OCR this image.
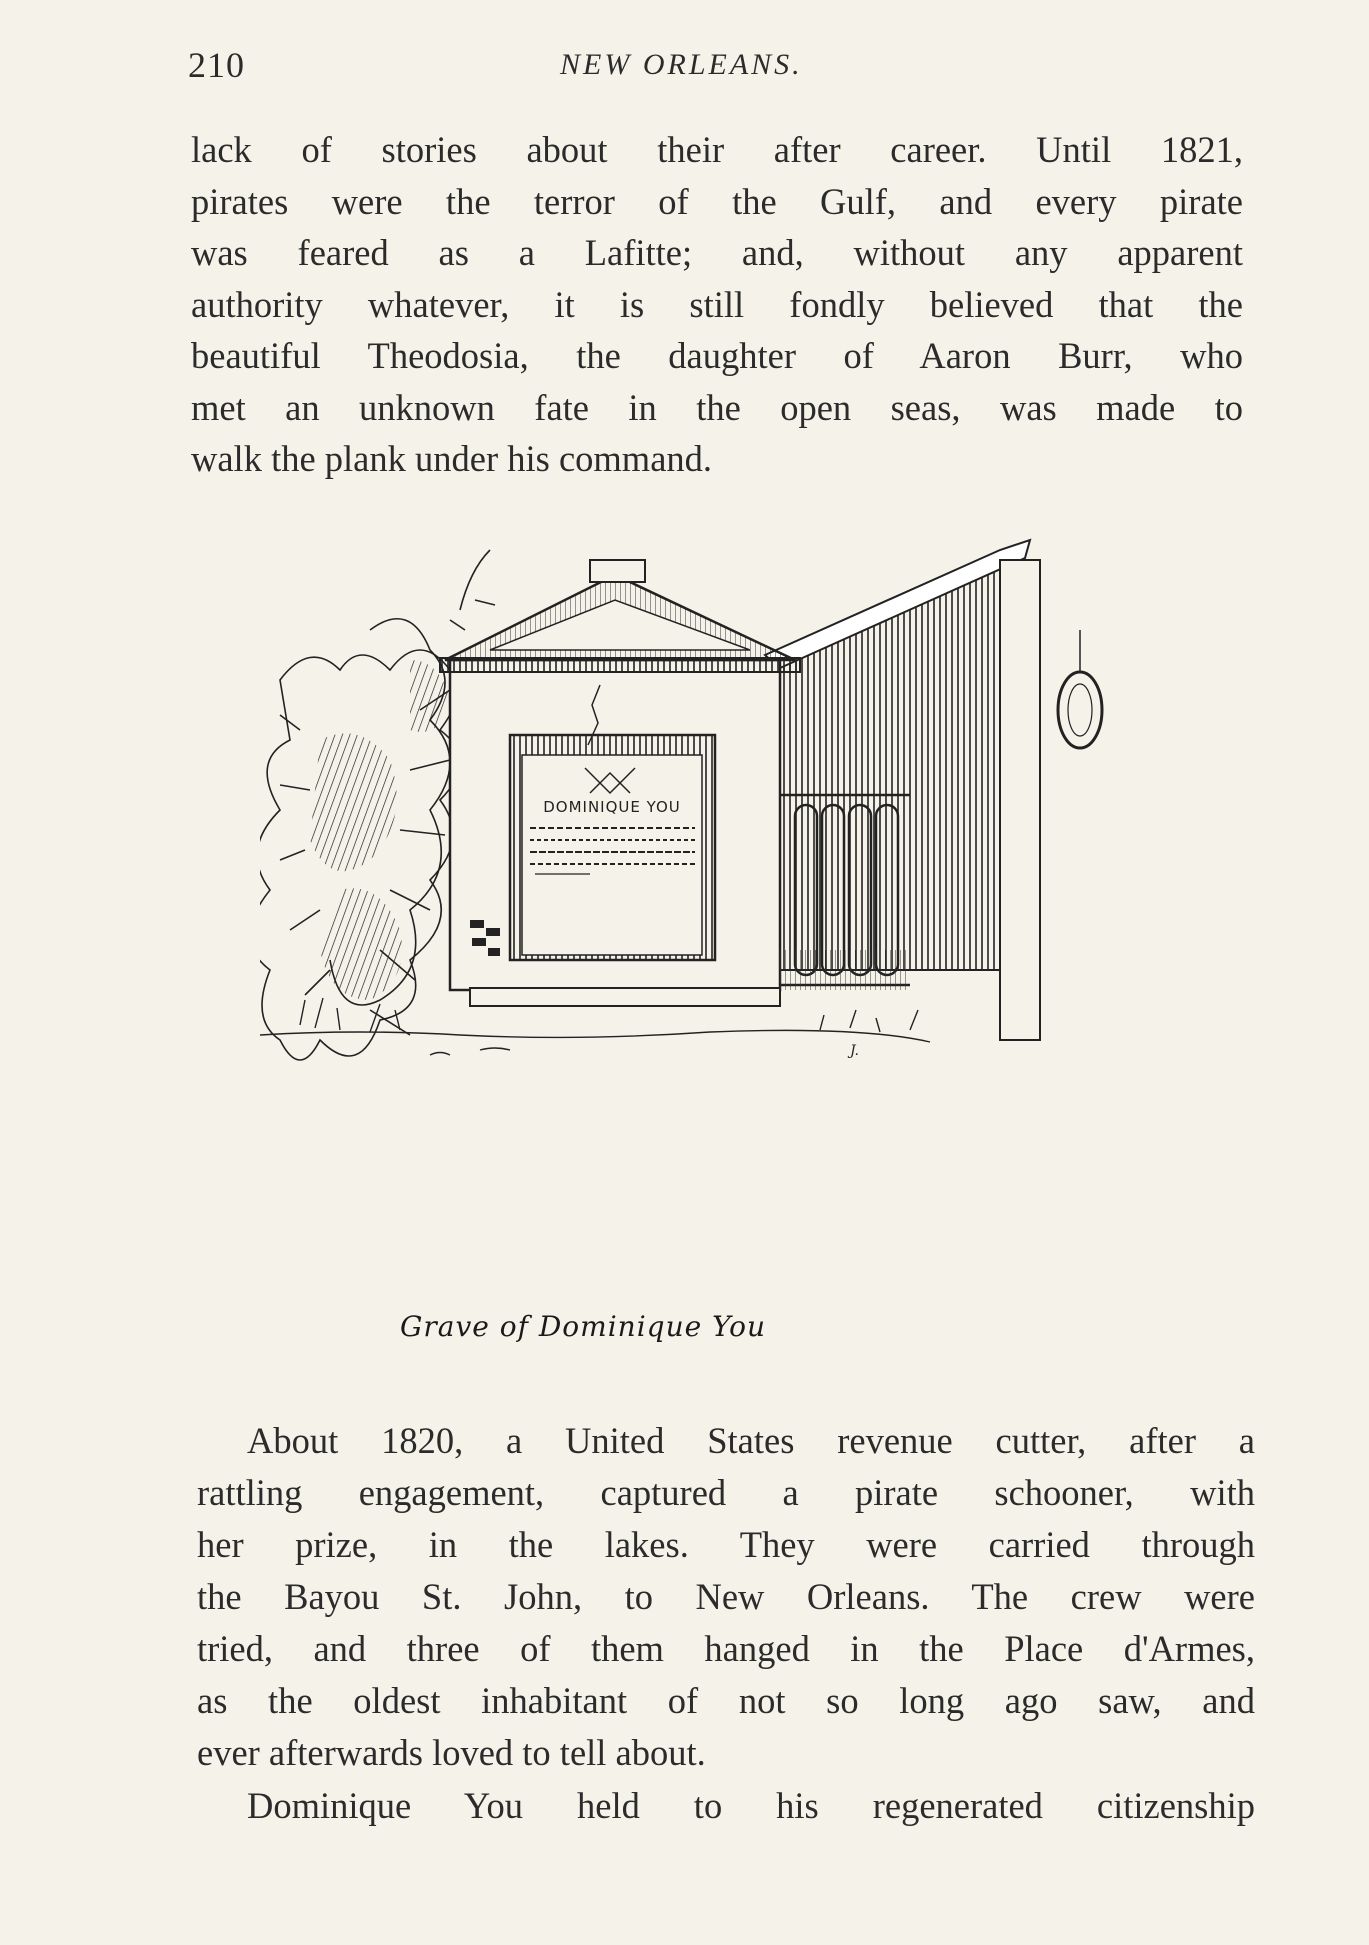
210	NEW ORLEANS.
lack of stories about their after career. Until 1821,
pirates were the terror of the Gulf, and every pirate
was feared as a Lafitte; and, without any apparent
authority whatever, it is still fondly believed that the
beautiful Theodosia, the daughter of Aaron Burr, who
met an unknown fate in the open seas, was made to
walk the plank under his command.
DOMINIQUE YOU
J.
Grave of Dominique You
About 1820, a United States revenue cutter, after a
rattling engagement, captured a pirate schooner, with
her prize, in the lakes. They were carried through
the Bayou St. John, to New Orleans. The crew were
tried, and three of them hanged in the Place d'Armes,
as the oldest inhabitant of not so long ago saw, and
ever afterwards loved to tell about.
Dominique You held to his regenerated citizenship
